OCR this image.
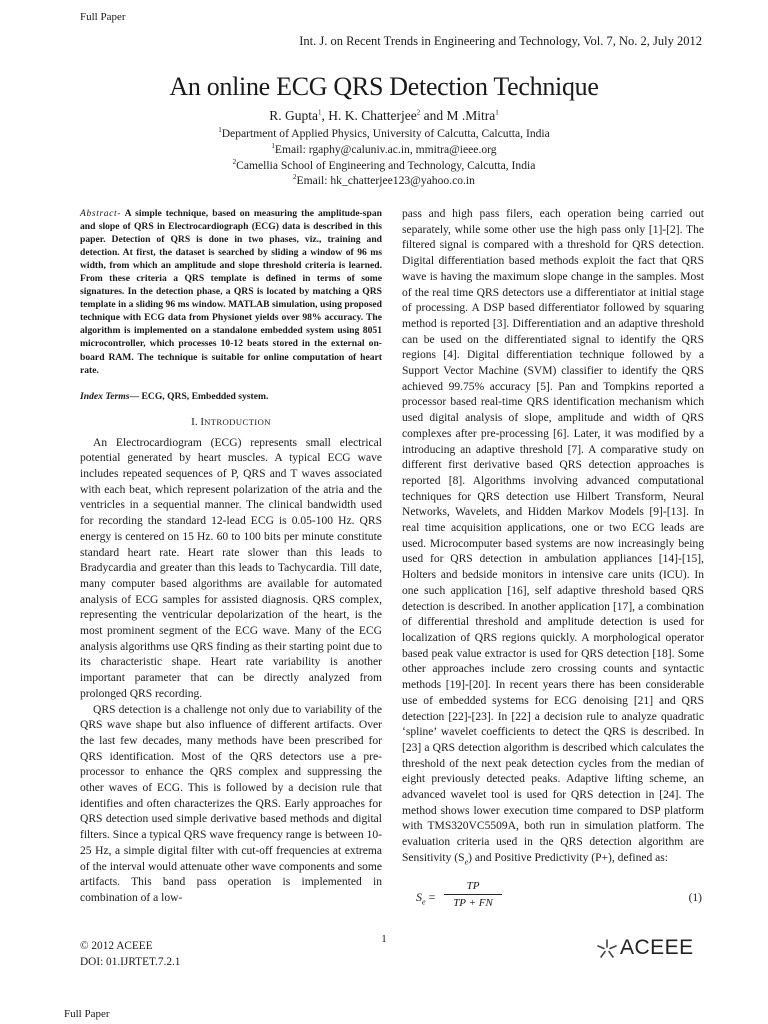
Full Paper
Int. J. on Recent Trends in Engineering and Technology, Vol. 7, No. 2, July 2012
An online ECG QRS Detection Technique
R. Gupta$^1$, H. K. Chatterjee$^2$ and M .Mitra$^1$
$^1$Department of Applied Physics, University of Calcutta, Calcutta, India
$^1$Email: rgaphy@caluniv.ac.in, mmitra@ieee.org
$^2$Camellia School of Engineering and Technology, Calcutta, India
$^2$Email: hk_chatterjee123@yahoo.co.in

Abstract- A simple technique, based on measuring the amplitude-span and slope of QRS in Electrocardiograph (ECG) data is described in this paper. Detection of QRS is done in two phases, viz., training and detection. At first, the dataset is searched by sliding a window of 96 ms width, from which an amplitude and slope threshold criteria is learned. From these criteria a QRS template is defined in terms of some signatures. In the detection phase, a QRS is located by matching a QRS template in a sliding 96 ms window. MATLAB simulation, using proposed technique with ECG data from Physionet yields over 98% accuracy. The algorithm is implemented on a standalone embedded system using 8051 microcontroller, which processes 10-12 beats stored in the external on-board RAM. The technique is suitable for online computation of heart rate.

Index Terms— ECG, QRS, Embedded system.

I. INTRODUCTION

An Electrocardiogram (ECG) represents small electrical potential generated by heart muscles. A typical ECG wave includes repeated sequences of P, QRS and T waves associated with each beat, which represent polarization of the atria and the ventricles in a sequential manner. The clinical bandwidth used for recording the standard 12-lead ECG is 0.05-100 Hz. QRS energy is centered on 15 Hz. 60 to 100 bits per minute constitute standard heart rate. Heart rate slower than this leads to Bradycardia and greater than this leads to Tachycardia. Till date, many computer based algorithms are available for automated analysis of ECG samples for assisted diagnosis. QRS complex, representing the ventricular depolarization of the heart, is the most prominent segment of the ECG wave. Many of the ECG analysis algorithms use QRS finding as their starting point due to its characteristic shape. Heart rate variability is another important parameter that can be directly analyzed from prolonged QRS recording.

QRS detection is a challenge not only due to variability of the QRS wave shape but also influence of different artifacts. Over the last few decades, many methods have been prescribed for QRS identification. Most of the QRS detectors use a pre-processor to enhance the QRS complex and suppressing the other waves of ECG. This is followed by a decision rule that identifies and often characterizes the QRS. Early approaches for QRS detection used simple derivative based methods and digital filters. Since a typical QRS wave frequency range is between 10-25 Hz, a simple digital filter with cut-off frequencies at extrema of the interval would attenuate other wave components and some artifacts. This band pass operation is implemented in combination of a low-

pass and high pass filers, each operation being carried out separately, while some other use the high pass only [1]-[2]. The filtered signal is compared with a threshold for QRS detection. Digital differentiation based methods exploit the fact that QRS wave is having the maximum slope change in the samples. Most of the real time QRS detectors use a differentiator at initial stage of processing. A DSP based differentiator followed by squaring method is reported [3]. Differentiation and an adaptive threshold can be used on the differentiated signal to identify the QRS regions [4]. Digital differentiation technique followed by a Support Vector Machine (SVM) classifier to identify the QRS achieved 99.75% accuracy [5]. Pan and Tompkins reported a processor based real-time QRS identification mechanism which used digital analysis of slope, amplitude and width of QRS complexes after pre-processing [6]. Later, it was modified by a introducing an adaptive threshold [7]. A comparative study on different first derivative based QRS detection approaches is reported [8]. Algorithms involving advanced computational techniques for QRS detection use Hilbert Transform, Neural Networks, Wavelets, and Hidden Markov Models [9]-[13]. In real time acquisition applications, one or two ECG leads are used. Microcomputer based systems are now increasingly being used for QRS detection in ambulation appliances [14]-[15], Holters and bedside monitors in intensive care units (ICU). In one such application [16], self adaptive threshold based QRS detection is described. In another application [17], a combination of differential threshold and amplitude detection is used for localization of QRS regions quickly. A morphological operator based peak value extractor is used for QRS detection [18]. Some other approaches include zero crossing counts and syntactic methods [19]-[20]. In recent years there has been considerable use of embedded systems for ECG denoising [21] and QRS detection [22]-[23]. In [22] a decision rule to analyze quadratic ‘spline’ wavelet coefficients to detect the QRS is described. In [23] a QRS detection algorithm is described which calculates the threshold of the next peak detection cycles from the median of eight previously detected peaks. Adaptive lifting scheme, an advanced wavelet tool is used for QRS detection in [24]. The method shows lower execution time compared to DSP platform with TMS320VC5509A, both run in simulation platform. The evaluation criteria used in the QRS detection algorithm are Sensitivity $(S_e)$ and Positive Predictivity (P+), defined as:

$S_e$ =
TP
TP + FN	(1)
1
© 2012 ACEEE
DOI: 01.IJRTET.7.2.1
ACEEE
Full Paper
